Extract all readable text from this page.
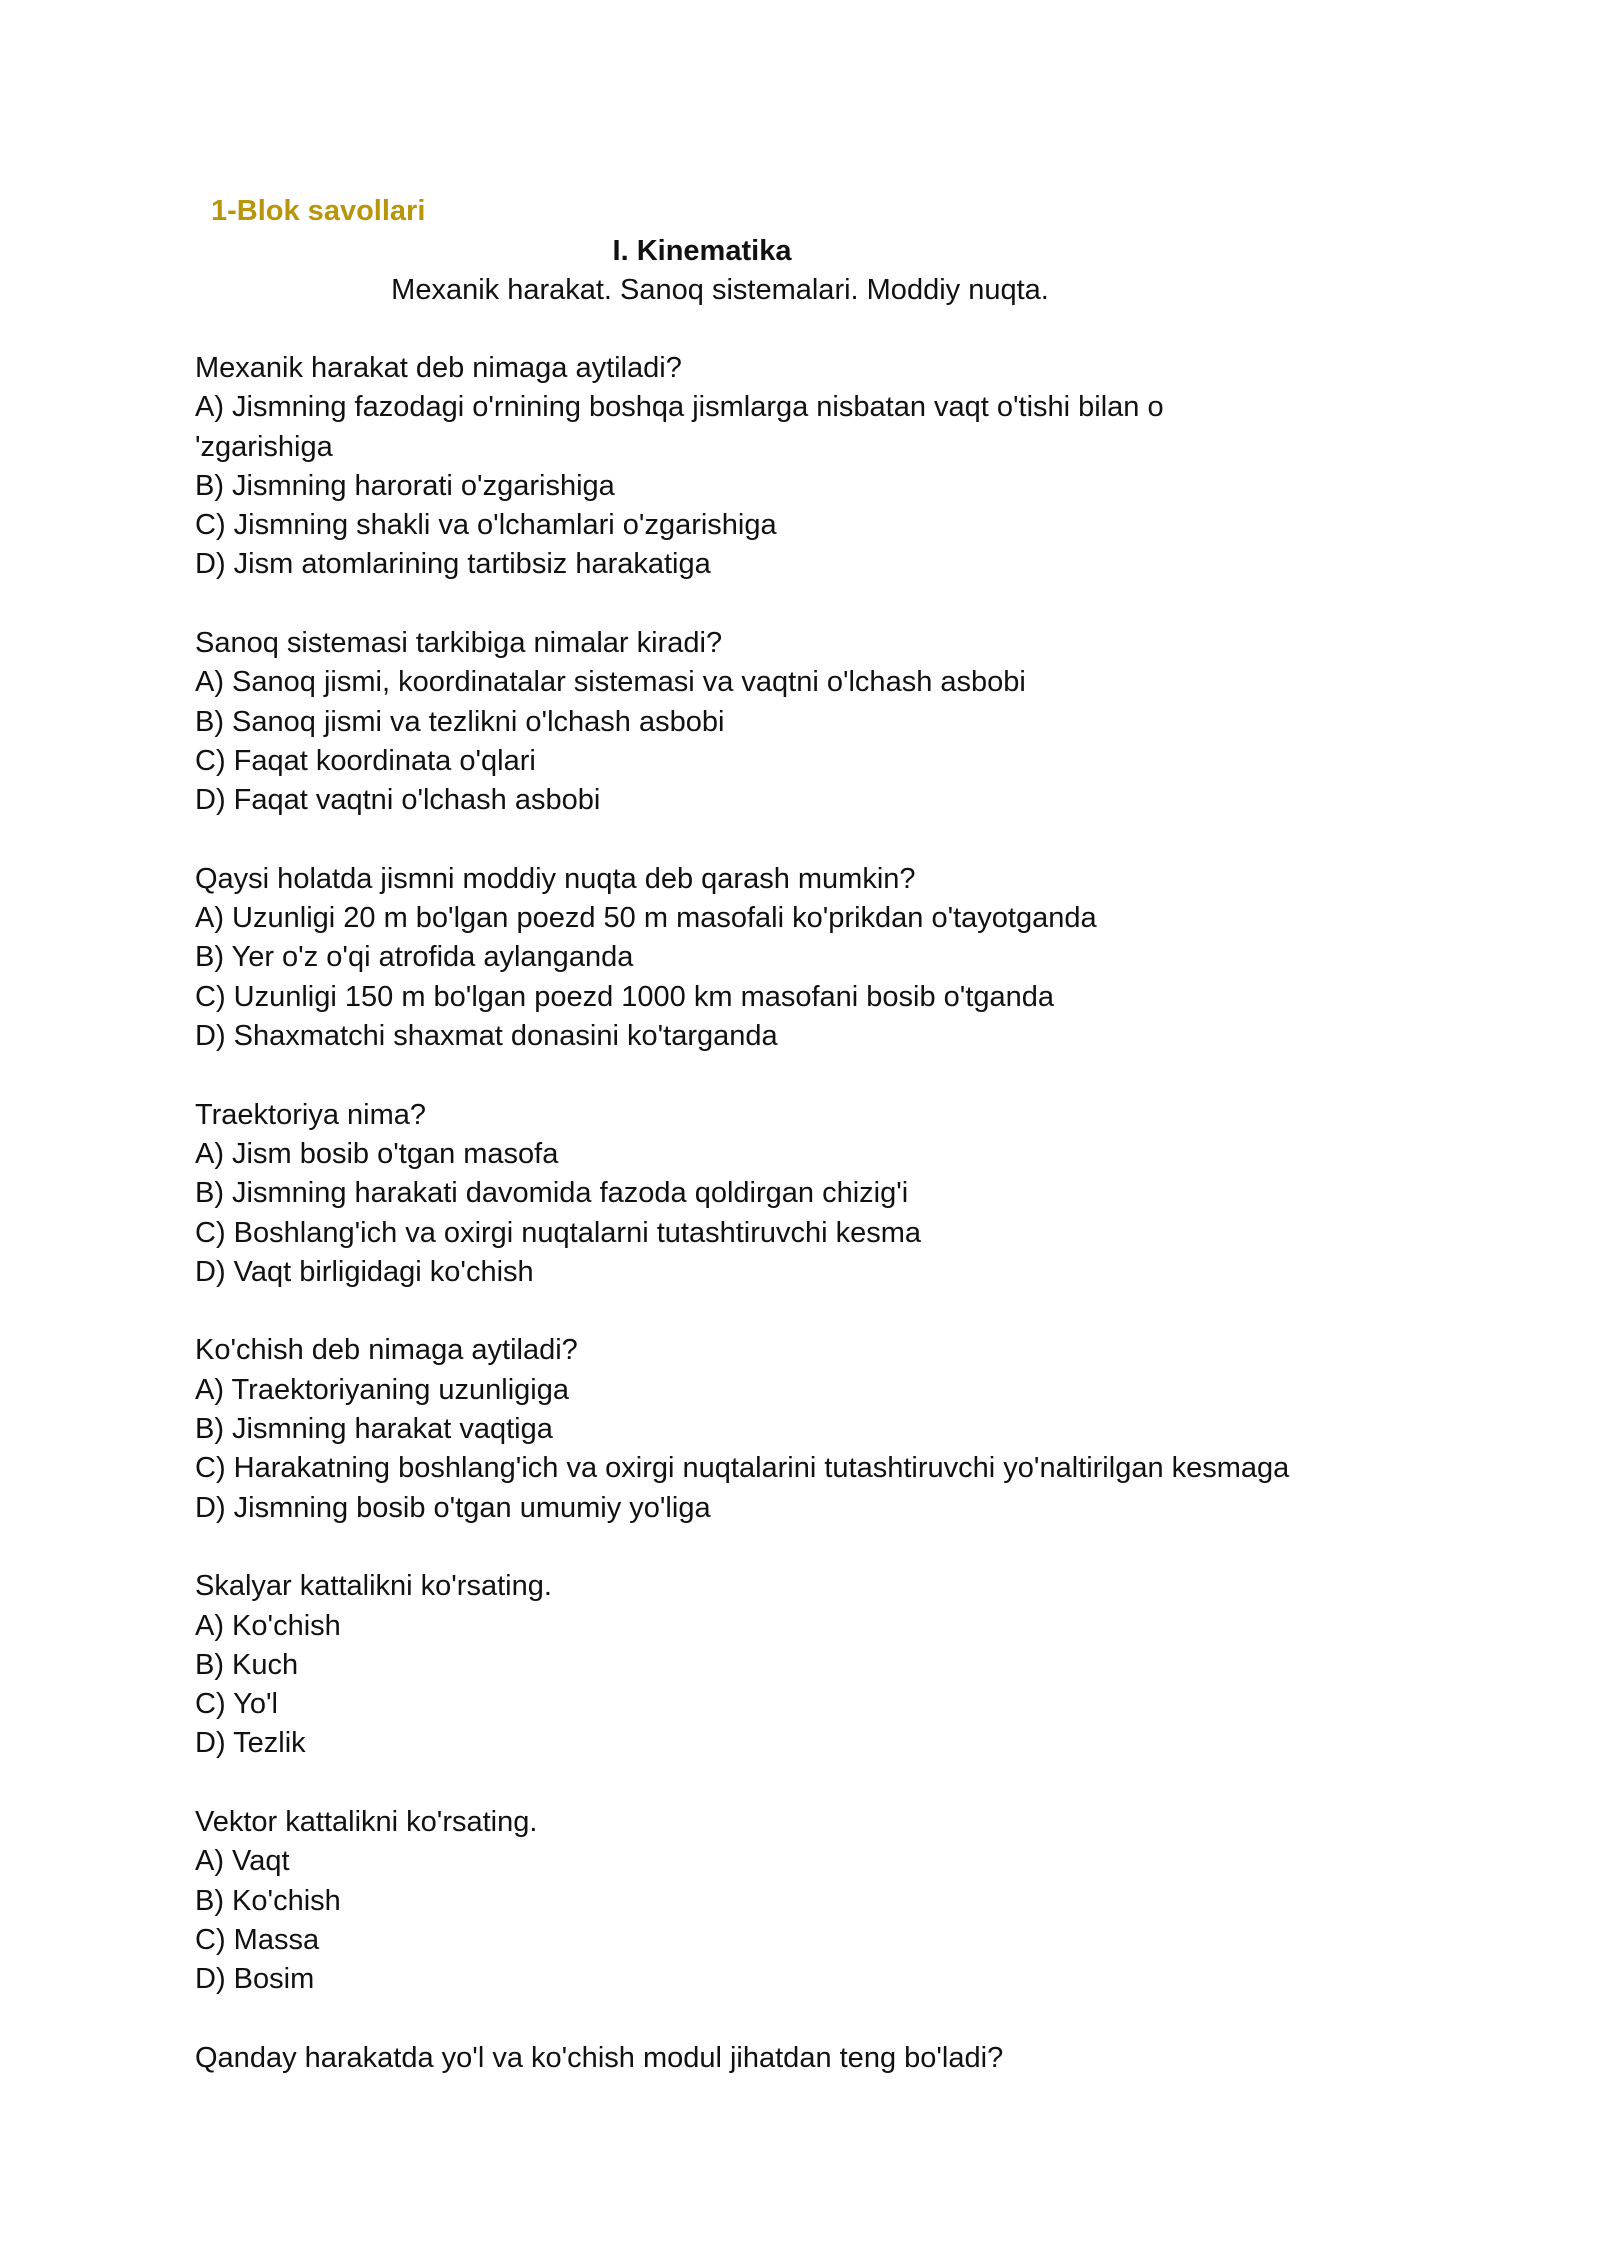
1-Blok savollari
I. Kinematika
Mexanik harakat. Sanoq sistemalari. Moddiy nuqta.
Mexanik harakat deb nimaga aytiladi?
A) Jismning fazodagi o'rnining boshqa jismlarga nisbatan vaqt o'tishi bilan o 'zgarishiga
B) Jismning harorati o'zgarishiga
C) Jismning shakli va o'lchamlari o'zgarishiga
D) Jism atomlarining tartibsiz harakatiga
Sanoq sistemasi tarkibiga nimalar kiradi?
A) Sanoq jismi, koordinatalar sistemasi va vaqtni o'lchash asbobi
B) Sanoq jismi va tezlikni o'lchash asbobi
C) Faqat koordinata o'qlari
D) Faqat vaqtni o'lchash asbobi
Qaysi holatda jismni moddiy nuqta deb qarash mumkin?
A) Uzunligi 20 m bo'lgan poezd 50 m masofali ko'prikdan o'tayotganda
B) Yer o'z o'qi atrofida aylanganda
C) Uzunligi 150 m bo'lgan poezd 1000 km masofani bosib o'tganda
D) Shaxmatchi shaxmat donasini ko'targanda
Traektoriya nima?
A) Jism bosib o'tgan masofa
B) Jismning harakati davomida fazoda qoldirgan chizig'i
C) Boshlang'ich va oxirgi nuqtalarni tutashtiruvchi kesma
D) Vaqt birligidagi ko'chish
Ko'chish deb nimaga aytiladi?
A) Traektoriyaning uzunligiga
B) Jismning harakat vaqtiga
C) Harakatning boshlang'ich va oxirgi nuqtalarini tutashtiruvchi yo'naltirilgan kesmaga
D) Jismning bosib o'tgan umumiy yo'liga
Skalyar kattalikni ko'rsating.
A) Ko'chish
B) Kuch
C) Yo'l
D) Tezlik
Vektor kattalikni ko'rsating.
A) Vaqt
B) Ko'chish
C) Massa
D) Bosim
Qanday harakatda yo'l va ko'chish modul jihatdan teng bo'ladi?
